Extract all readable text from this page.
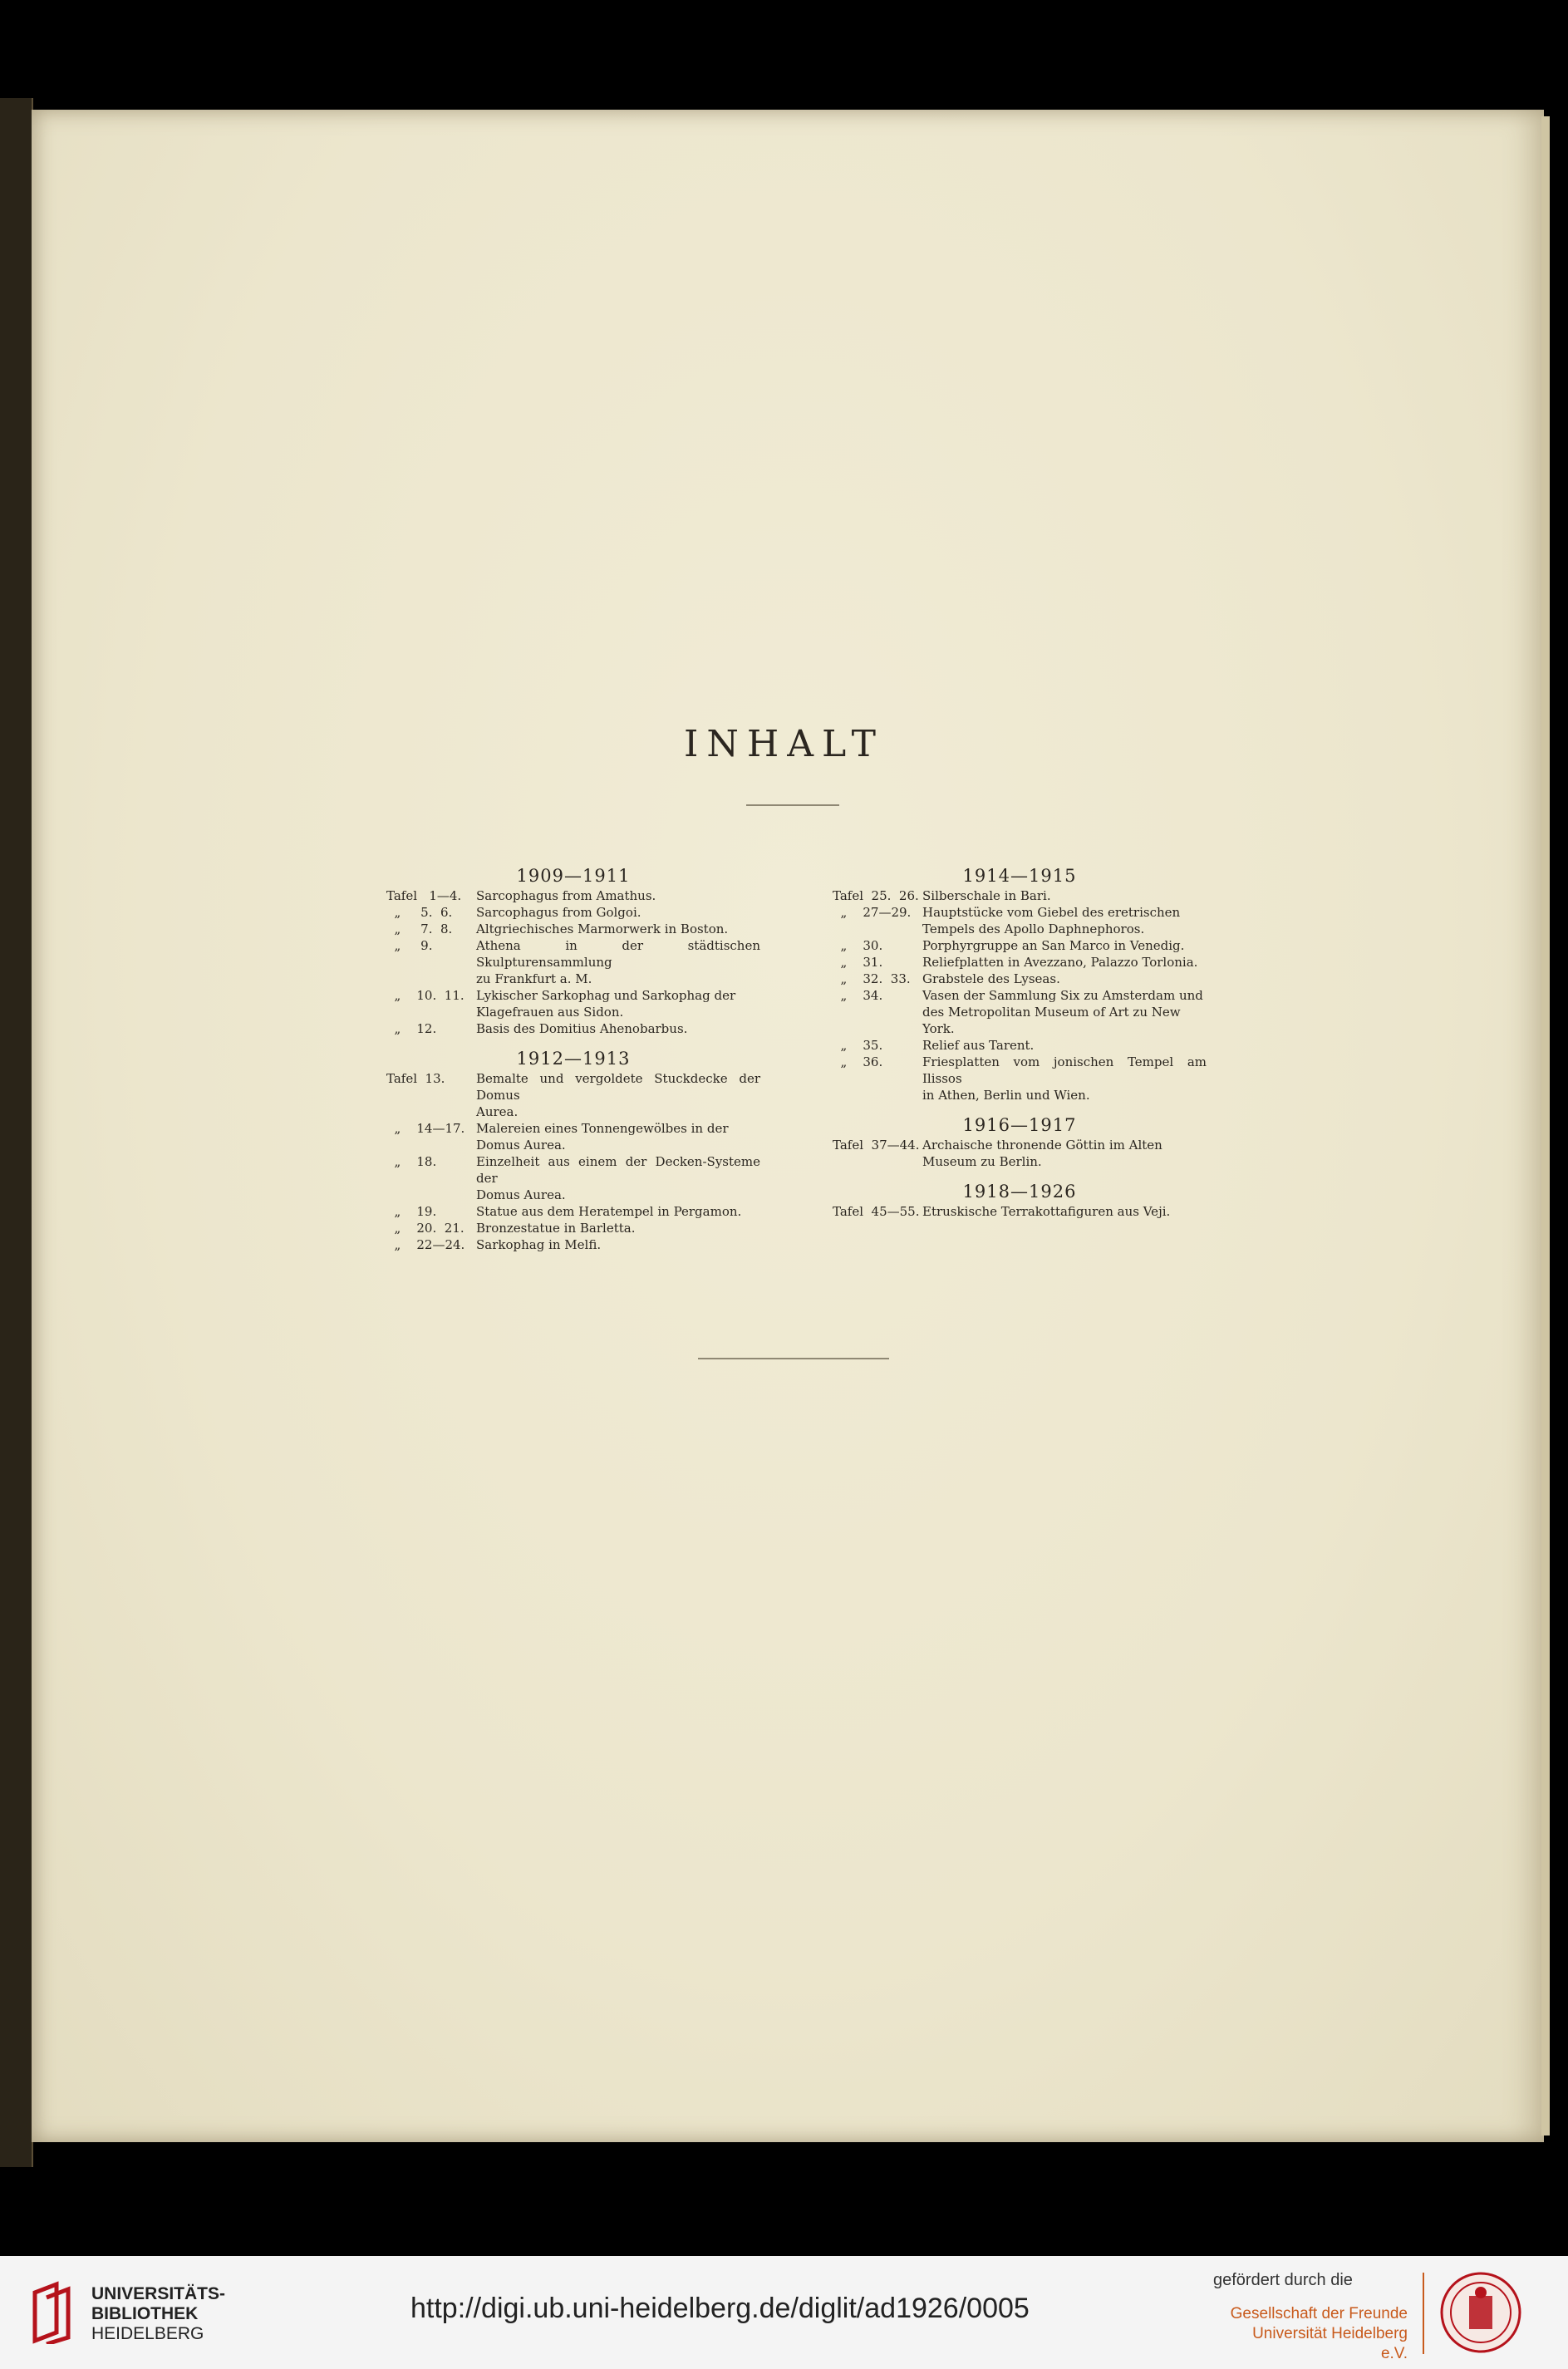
INHALT
1909—1911
Tafel   1—4.	Sarcophagus from Amathus.
„     5.  6.	Sarcophagus from Golgoi.
„     7.  8.	Altgriechisches Marmorwerk in Boston.
„     9.	Athena in der städtischen Skulpturensammlung
zu Frankfurt a. M.
„    10.  11. Lykischer Sarkophag und Sarkophag der
Klagefrauen aus Sidon.
„    12.	Basis des Domitius Ahenobarbus.
1912—1913
Tafel  13.	Bemalte und vergoldete Stuckdecke der Domus
Aurea.
„    14—17. Malereien eines Tonnengewölbes in der
Domus Aurea.
„    18.	Einzelheit aus einem der Decken-Systeme der
Domus Aurea.
„    19.	Statue aus dem Heratempel in Pergamon.
„    20.  21. Bronzestatue in Barletta.
„    22—24. Sarkophag in Melfi.
1914—1915
Tafel  25.  26. Silberschale in Bari.
„    27—29. Hauptstücke vom Giebel des eretrischen
Tempels des Apollo Daphnephoros.
„    30.	Porphyrgruppe an San Marco in Venedig.
„    31.	Reliefplatten in Avezzano, Palazzo Torlonia.
„    32.  33. Grabstele des Lyseas.
„    34.	Vasen der Sammlung Six zu Amsterdam und
des Metropolitan Museum of Art zu New York.
„    35.	Relief aus Tarent.
„    36.	Friesplatten vom jonischen Tempel am Ilissos
in Athen, Berlin und Wien.
1916—1917
Tafel  37—44. Archaische thronende Göttin im Alten
Museum zu Berlin.
1918—1926
Tafel  45—55. Etruskische Terrakottafiguren aus Veji.
UNIVERSITÄTS-
BIBLIOTHEK
HEIDELBERG
http://digi.ub.uni-heidelberg.de/diglit/ad1926/0005
gefördert durch die
Gesellschaft der Freunde
Universität Heidelberg e.V.
